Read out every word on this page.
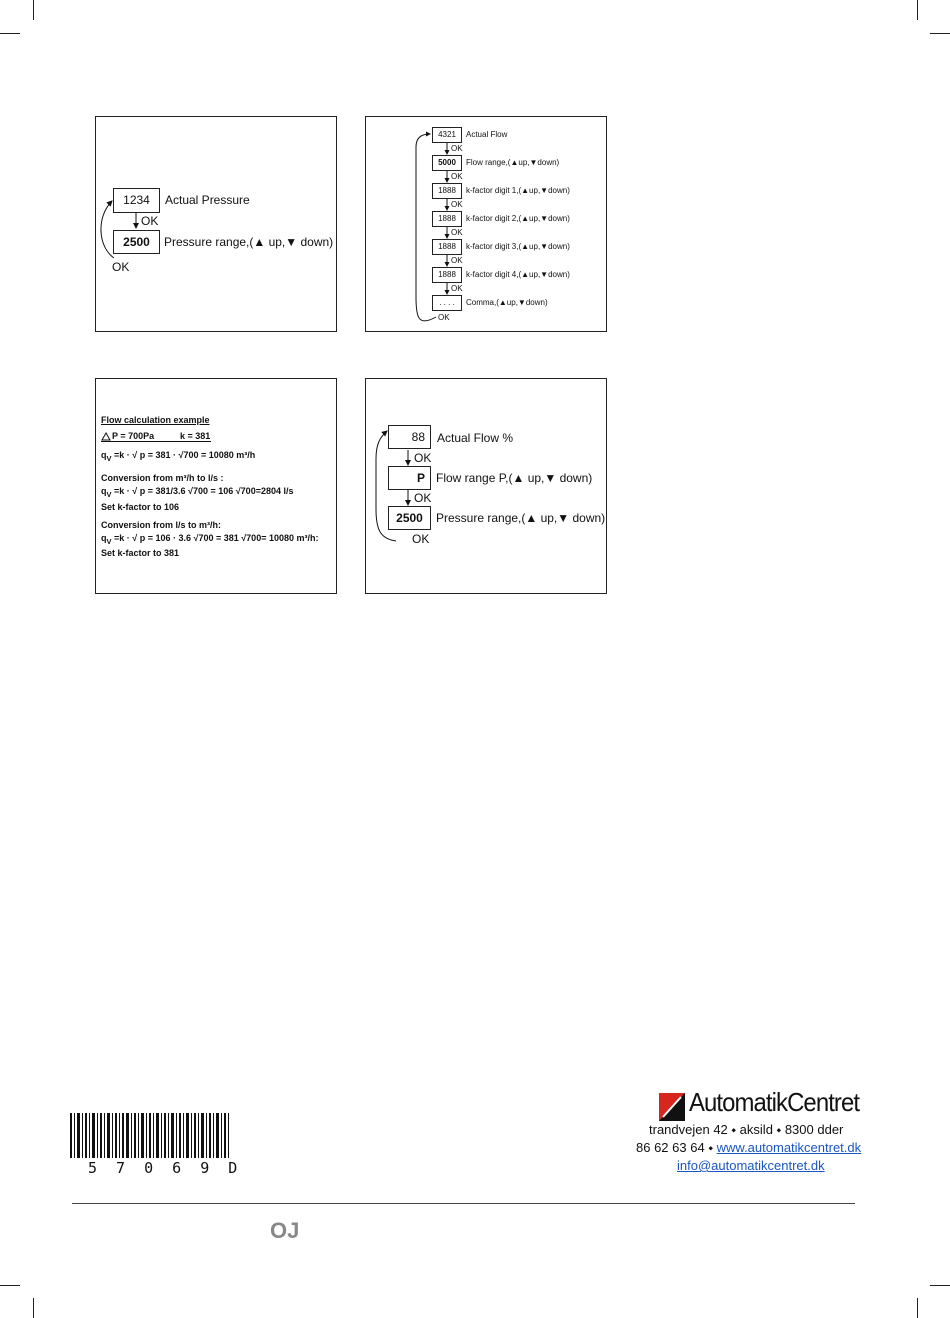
1234	Actual Pressure
OK
2500	Pressure range,(▲ up,▼ down)
OK
4321	Actual Flow
OK
5000	Flow range,(▲up,▼down)
OK
1888	k-factor digit 1,(▲up,▼down)
OK
1888	k-factor digit 2,(▲up,▼down)
OK
1888	k-factor digit 3,(▲up,▼down)
OK
1888	k-factor digit 4,(▲up,▼down)
OK
. . . .	Comma,(▲up,▼down)
OK
Flow calculation example
P = 700Pa	k = 381
$q_V =k$ · √ p = 381 · √700 = 10080 m³/h
Conversion from m³/h to l/s :
$q_V =k$ · √ p = 381/3.6 √700 = 106 √700=2804 l/s
Set k-factor to 106
Conversion from l/s to m³/h:
$q_V =k$ · √ p = 106 · 3.6 √700 = 381 √700= 10080 m³/h:
Set k-factor to 381
88	Actual Flow %
OK
P Flow range P,(▲ up,▼ down)
OK
2500	Pressure range,(▲ up,▼ down)
OK
5 7 0 6 9 D
AutomatikCentret
trandvejen 42 ⬩ aksild ⬩ 8300 dder
86 62 63 64 ⬩ www.automatikcentret.dk
info@automatikcentret.dk
OJ
